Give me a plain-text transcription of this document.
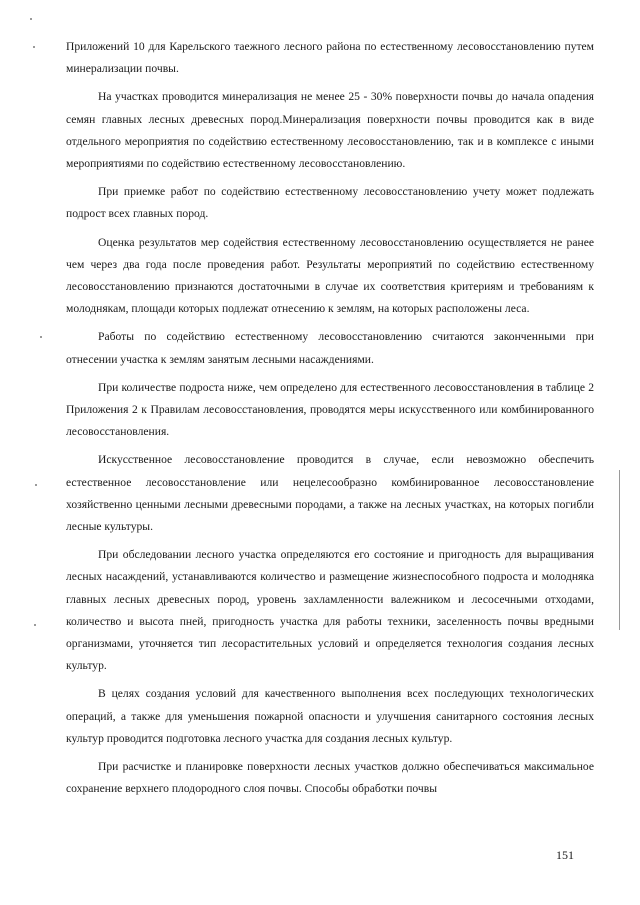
Приложений 10 для Карельского таежного лесного района по естественному лесовосстановлению путем минерализации почвы.

На участках проводится минерализация не менее 25 - 30% поверхности почвы до начала опадения семян главных лесных древесных пород.Минерализация поверхности почвы проводится как в виде отдельного мероприятия по содействию естественному лесовосстановлению, так и в комплексе с иными мероприятиями по содействию естественному лесовосстановлению.

При приемке работ по содействию естественному лесовосстановлению учету может подлежать подрост всех главных пород.

Оценка результатов мер содействия естественному лесовосстановлению осуществляется не ранее чем через два года после проведения работ. Результаты мероприятий по содействию естественному лесовосстановлению признаются достаточными в случае их соответствия критериям и требованиям к молоднякам, площади которых подлежат отнесению к землям, на которых расположены леса.

Работы по содействию естественному лесовосстановлению считаются законченными при отнесении участка к землям занятым лесными насаждениями.

При количестве подроста ниже, чем определено для естественного лесовосстановления в таблице 2 Приложения 2 к Правилам лесовосстановления, проводятся меры искусственного или комбинированного лесовосстановления.

Искусственное лесовосстановление проводится в случае, если невозможно обеспечить естественное лесовосстановление или нецелесообразно комбинированное лесовосстановление хозяйственно ценными лесными древесными породами, а также на лесных участках, на которых погибли лесные культуры.

При обследовании лесного участка определяются его состояние и пригодность для выращивания лесных насаждений, устанавливаются количество и размещение жизнеспособного подроста и молодняка главных лесных древесных пород, уровень захламленности валежником и лесосечными отходами, количество и высота пней, пригодность участка для работы техники, заселенность почвы вредными организмами, уточняется тип лесорастительных условий и определяется технология создания лесных культур.

В целях создания условий для качественного выполнения всех последующих технологических операций, а также для уменьшения пожарной опасности и улучшения санитарного состояния лесных культур проводится подготовка лесного участка для создания лесных культур.

При расчистке и планировке поверхности лесных участков должно обеспечиваться максимальное сохранение верхнего плодородного слоя почвы. Способы обработки почвы

151
